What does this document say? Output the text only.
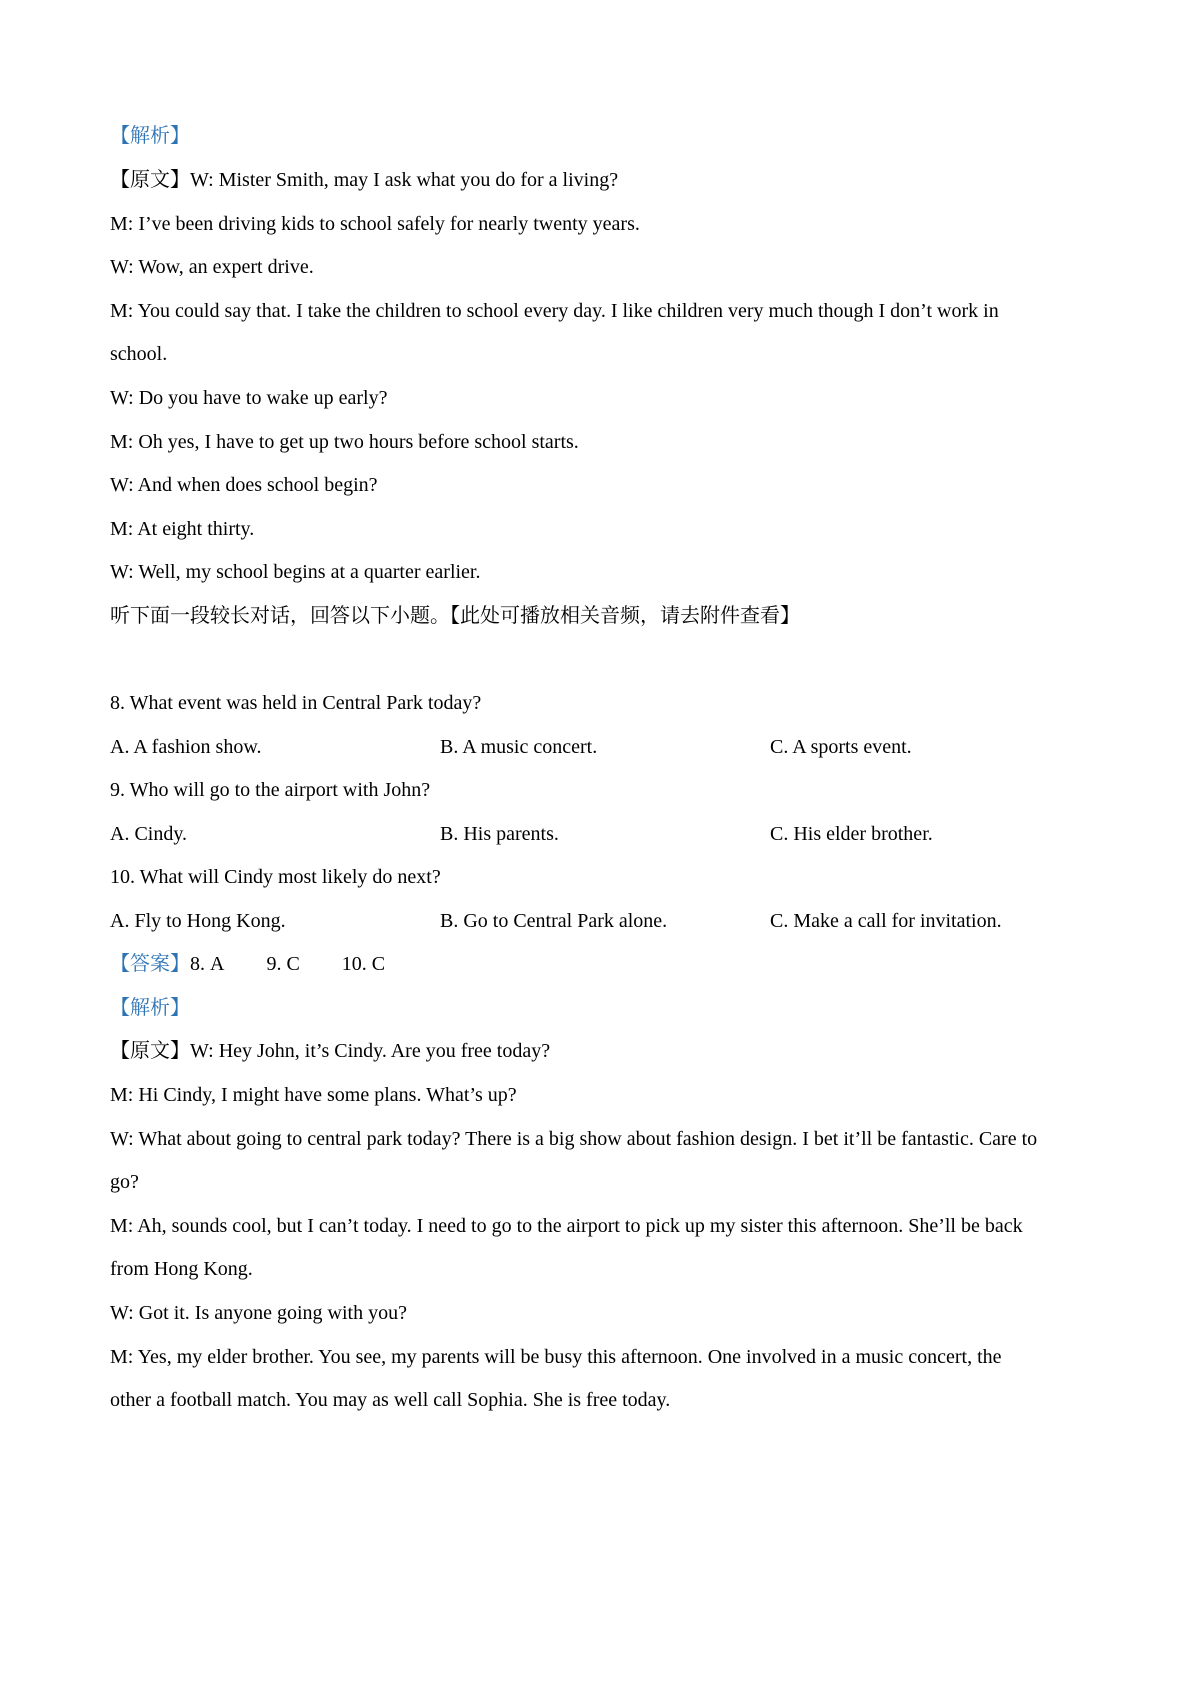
【解析】
【原文】W: Mister Smith, may I ask what you do for a living?
M: I’ve been driving kids to school safely for nearly twenty years.
W: Wow, an expert drive.
M: You could say that. I take the children to school every day. I like children very much though I don’t work in
school.
W: Do you have to wake up early?
M: Oh yes, I have to get up two hours before school starts.
W: And when does school begin?
M: At eight thirty.
W: Well, my school begins at a quarter earlier.
听下面一段较长对话，回答以下小题。【此处可播放相关音频，请去附件查看】
8. What event was held in Central Park today?
A. A fashion show.	B. A music concert.	C. A sports event.
9. Who will go to the airport with John?
A. Cindy.	B. His parents.	C. His elder brother.
10. What will Cindy most likely do next?
A. Fly to Hong Kong.	B. Go to Central Park alone.	C. Make a call for invitation.
【答案】8. A 9. C 10. C
【解析】
【原文】W: Hey John, it’s Cindy. Are you free today?
M: Hi Cindy, I might have some plans. What’s up?
W: What about going to central park today? There is a big show about fashion design. I bet it’ll be fantastic. Care to
go?
M: Ah, sounds cool, but I can’t today. I need to go to the airport to pick up my sister this afternoon. She’ll be back
from Hong Kong.
W: Got it. Is anyone going with you?
M: Yes, my elder brother. You see, my parents will be busy this afternoon. One involved in a music concert, the
other a football match. You may as well call Sophia. She is free today.
